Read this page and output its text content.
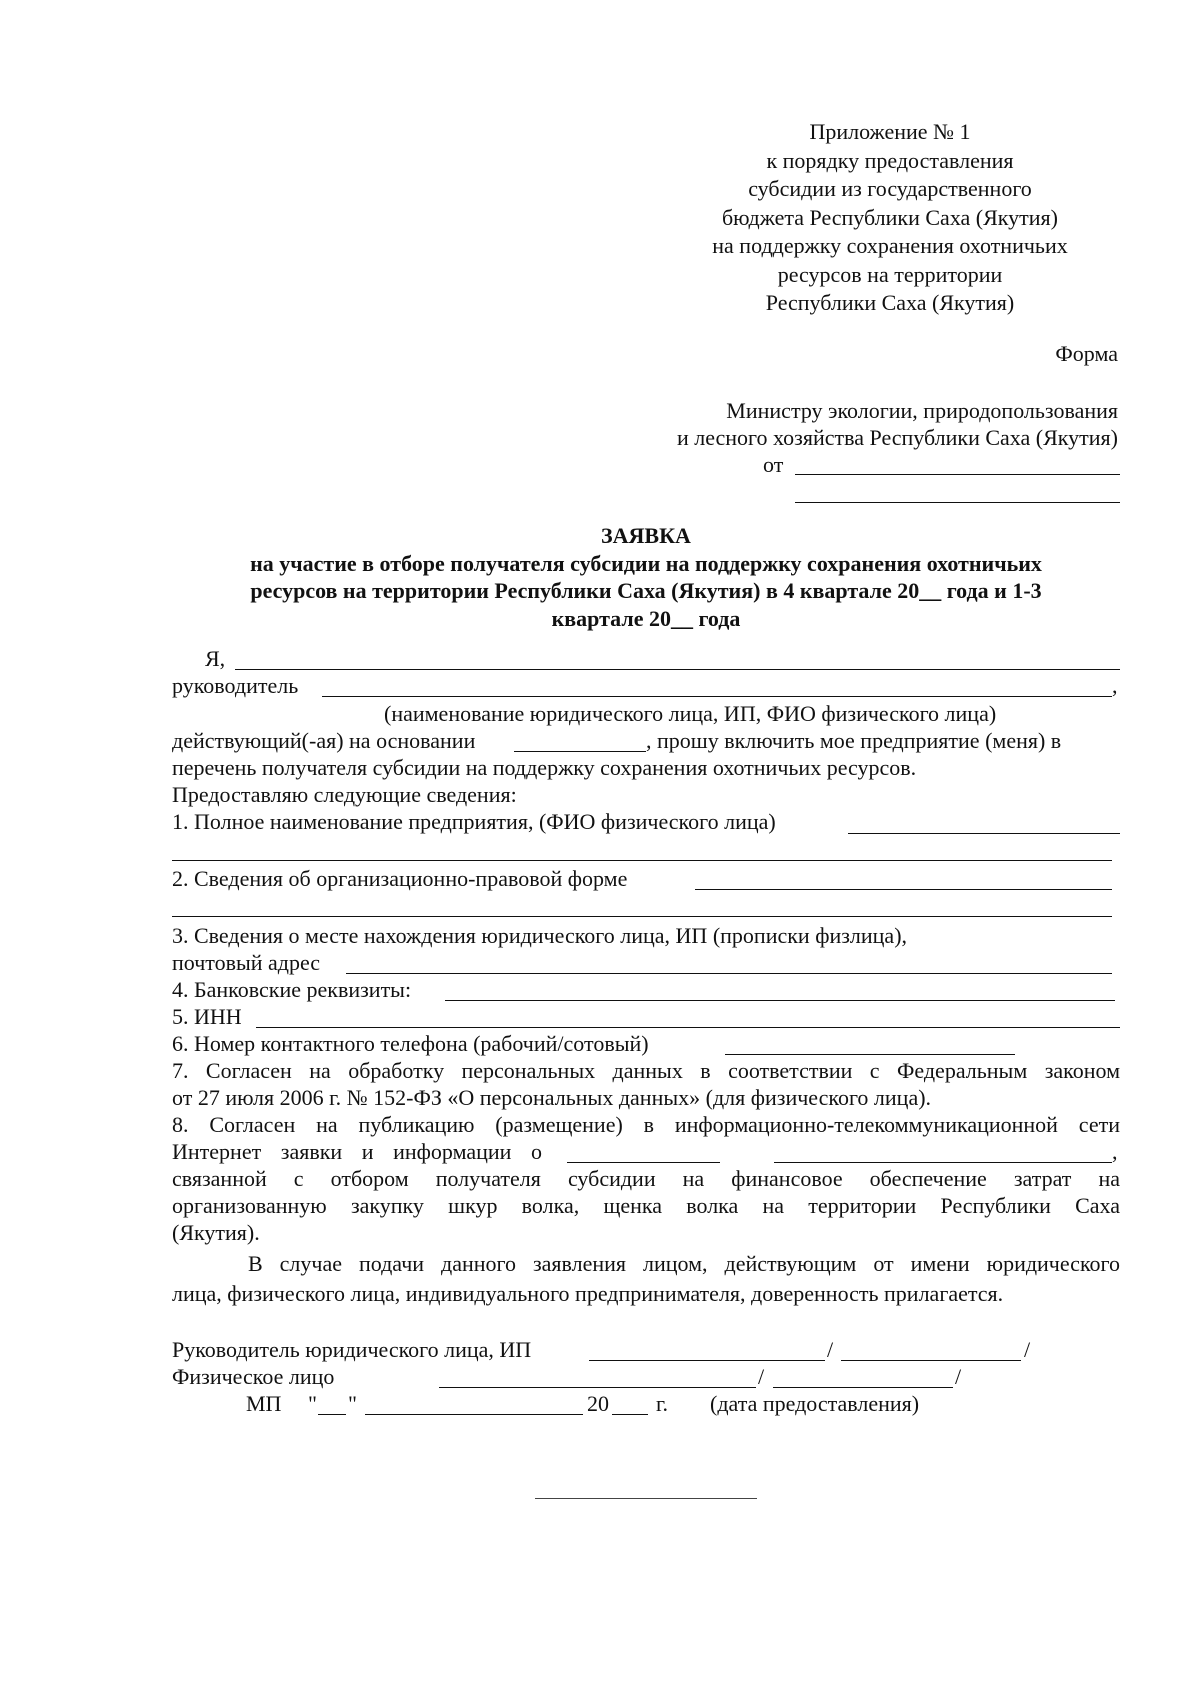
Приложение № 1
к порядку предоставления
субсидии из государственного
бюджета Республики Саха (Якутия)
на поддержку сохранения охотничьих
ресурсов на территории
Республики Саха (Якутия)
Форма
Министру экологии, природопользования
и лесного хозяйства Республики Саха (Якутия)
от
ЗАЯВКА
на участие в отборе получателя субсидии на поддержку сохранения охотничьих
ресурсов на территории Республики Саха (Якутия) в 4 квартале 20__ года и 1-3
квартале 20__ года
Я,
руководитель	,
(наименование юридического лица, ИП, ФИО физического лица)
действующий(-ая) на основании	, прошу включить мое предприятие (меня) в
перечень получателя субсидии на поддержку сохранения охотничьих ресурсов.
Предоставляю следующие сведения:
1. Полное наименование предприятия, (ФИО физического лица)
2. Сведения об организационно-правовой форме
3. Сведения о месте нахождения юридического лица, ИП (прописки физлица),
почтовый адрес
4. Банковские реквизиты:
5. ИНН
6. Номер контактного телефона (рабочий/сотовый)
7. Согласен на обработку персональных данных в соответствии с Федеральным законом
от 27 июля 2006 г. № 152-ФЗ «О персональных данных» (для физического лица).
8. Согласен на публикацию (размещение) в информационно-телекоммуникационной сети
Интернет заявки и информации о	,
связанной с отбором получателя субсидии на финансовое обеспечение затрат на
организованную закупку шкур волка, щенка волка на территории Республики Саха
(Якутия).
В случае подачи данного заявления лицом, действующим от имени юридического
лица, физического лица, индивидуального предпринимателя, доверенность прилагается.
Руководитель юридического лица, ИП	/	/
Физическое лицо	/	/
МП " "	20 г. (дата предоставления)
